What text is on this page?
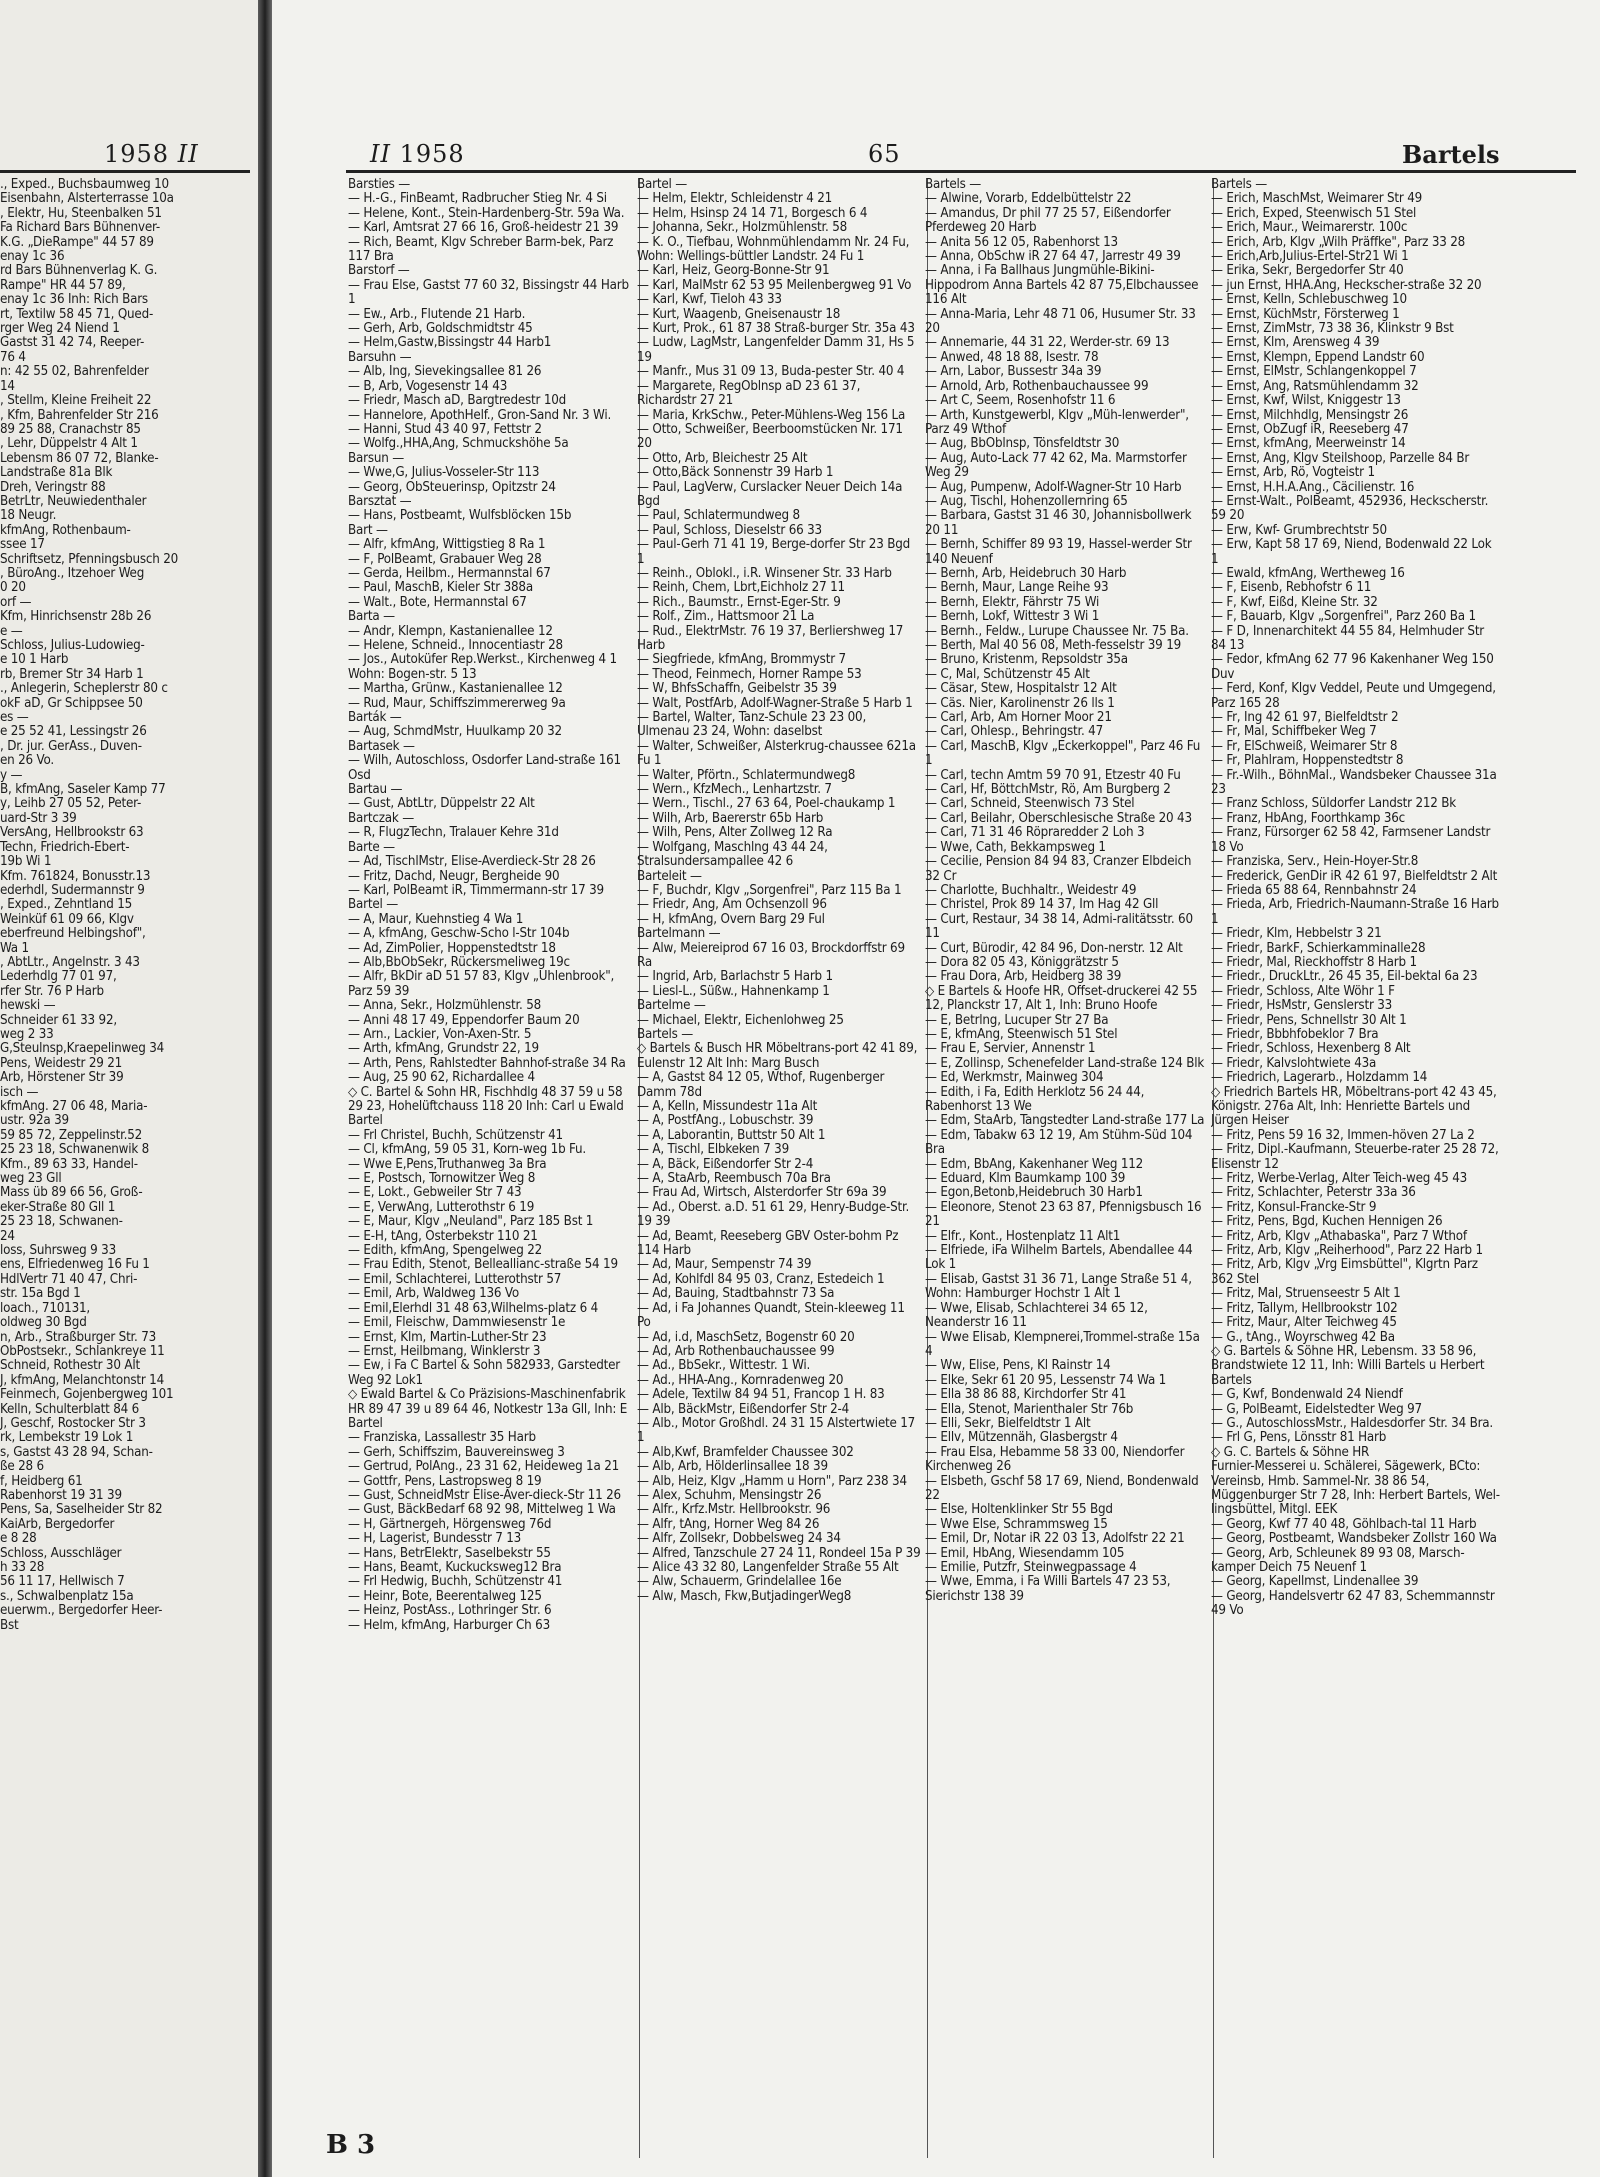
1958 II
., Exped., Buchsbaumweg 10
Eisenbahn, Alsterterrasse 10a
, Elektr, Hu, Steenbalken 51
Fa Richard Bars Bühnenver-
K.G. „DieRampe" 44 57 89
enay 1c 36
rd Bars Bühnenverlag K. G.
Rampe" HR 44 57 89,
enay 1c 36 Inh: Rich Bars
rt, Textilw 58 45 71, Qued-
rger Weg 24 Niend 1
Gastst 31 42 74, Reeper-
76 4
n: 42 55 02, Bahrenfelder
14
, Stellm, Kleine Freiheit 22
, Kfm, Bahrenfelder Str 216
89 25 88, Cranachstr 85
, Lehr, Düppelstr 4 Alt 1
Lebensm 86 07 72, Blanke-
Landstraße 81a Blk
Dreh, Veringstr 88
BetrLtr, Neuwiedenthaler
18 Neugr.
kfmAng, Rothenbaum-
ssee 17
Schriftsetz, Pfenningsbusch 20
, BüroAng., Itzehoer Weg
0 20
orf —
Kfm, Hinrichsenstr 28b 26
e —
Schloss, Julius-Ludowieg-
e 10 1 Harb
rb, Bremer Str 34 Harb 1
., Anlegerin, Scheplerstr 80 c
okF aD, Gr Schippsee 50
es —
e 25 52 41, Lessingstr 26
, Dr. jur. GerAss., Duven-
en 26 Vo.
y —
B, kfmAng, Saseler Kamp 77
y, Leihb 27 05 52, Peter-
uard-Str 3 39
VersAng, Hellbrookstr 63
Techn, Friedrich-Ebert-
19b Wi 1
Kfm. 761824, Bonusstr.13
ederhdl, Sudermannstr 9
, Exped., Zehntland 15
Weinküf 61 09 66, Klgv
eberfreund Helbingshof",
Wa 1
, AbtLtr., Angelnstr. 3 43
Lederhdlg 77 01 97,
rfer Str. 76 P Harb
hewski —
Schneider 61 33 92,
weg 2 33
G,Steulnsp,Kraepelinweg 34
Pens, Weidestr 29 21
Arb, Hörstener Str 39
isch —
kfmAng. 27 06 48, Maria-
ustr. 92a 39
59 85 72, Zeppelinstr.52
25 23 18, Schwanenwik 8
Kfm., 89 63 33, Handel-
weg 23 Gll
Mass üb 89 66 56, Groß-
eker-Straße 80 Gll 1
25 23 18, Schwanen-
24
loss, Suhrsweg 9 33
ens, Elfriedenweg 16 Fu 1
HdlVertr 71 40 47, Chri-
str. 15a Bgd 1
loach., 710131,
oldweg 30 Bgd
n, Arb., Straßburger Str. 73
ObPostsekr., Schlankreye 11
Schneid, Rothestr 30 Alt
J, kfmAng, Melanchtonstr 14
Feinmech, Gojenbergweg 101
Kelln, Schulterblatt 84 6
J, Geschf, Rostocker Str 3
rk, Lembekstr 19 Lok 1
s, Gastst 43 28 94, Schan-
ße 28 6
f, Heidberg 61
Rabenhorst 19 31 39
Pens, Sa, Saselheider Str 82
KaiArb, Bergedorfer
e 8 28
Schloss, Ausschläger
h 33 28
56 11 17, Hellwisch 7
s., Schwalbenplatz 15a
euerwm., Bergedorfer Heer-
Bst
II 1958	65	Bartels
Barsties —
— H.-G., FinBeamt, Radbrucher Stieg Nr. 4 Si
— Helene, Kont., Stein-Hardenberg-Str. 59a Wa.
— Karl, Amtsrat 27 66 16, Groß-heidestr 21 39
— Rich, Beamt, Klgv Schreber Barm-bek, Parz 117 Bra
Barstorf —
— Frau Else, Gastst 77 60 32, Bissingstr 44 Harb 1
— Ew., Arb., Flutende 21 Harb.
— Gerh, Arb, Goldschmidtstr 45
— Helm,Gastw,Bissingstr 44 Harb1
Barsuhn —
— Alb, Ing, Sievekingsallee 81 26
— B, Arb, Vogesenstr 14 43
— Friedr, Masch aD, Bargtredestr 10d
— Hannelore, ApothHelf., Gron-Sand Nr. 3 Wi.
— Hanni, Stud 43 40 97, Fettstr 2
— Wolfg.,HHA,Ang, Schmuckshöhe 5a
Barsun —
— Wwe,G, Julius-Vosseler-Str 113
— Georg, ObSteuerinsp, Opitzstr 24
Barsztat —
— Hans, Postbeamt, Wulfsblöcken 15b
Bart —
— Alfr, kfmAng, Wittigstieg 8 Ra 1
— F, PolBeamt, Grabauer Weg 28
— Gerda, Heilbm., Hermannstal 67
— Paul, MaschB, Kieler Str 388a
— Walt., Bote, Hermannstal 67
Barta —
— Andr, Klempn, Kastanienallee 12
— Helene, Schneid., Innocentiastr 28
— Jos., Autoküfer Rep.Werkst., Kirchenweg 4 1 Wohn: Bogen-str. 5 13
— Martha, Grünw., Kastanienallee 12
— Rud, Maur, Schiffszimmererweg 9a
Barták —
— Aug, SchmdMstr, Huulkamp 20 32
Bartasek —
— Wilh, Autoschloss, Osdorfer Land-straße 161 Osd
Bartau —
— Gust, AbtLtr, Düppelstr 22 Alt
Bartczak —
— R, FlugzTechn, Tralauer Kehre 31d
Barte —
— Ad, TischlMstr, Elise-Averdieck-Str 28 26
— Fritz, Dachd, Neugr, Bergheide 90
— Karl, PolBeamt iR, Timmermann-str 17 39
Bartel —
— A, Maur, Kuehnstieg 4 Wa 1
— A, kfmAng, Geschw-Scho l-Str 104b
— Ad, ZimPolier, Hoppenstedtstr 18
— Alb,BbObSekr, Rückersmeliweg 19c
— Alfr, BkDir aD 51 57 83, Klgv „Uhlenbrook", Parz 59 39
— Anna, Sekr., Holzmühlenstr. 58
— Anni 48 17 49, Eppendorfer Baum 20
— Arn., Lackier, Von-Axen-Str. 5
— Arth, kfmAng, Grundstr 22, 19
— Arth, Pens, Rahlstedter Bahnhof-straße 34 Ra
— Aug, 25 90 62, Richardallee 4
◇ C. Bartel & Sohn HR, Fischhdlg 48 37 59 u 58 29 23, Hohelüftchauss 118 20 Inh: Carl u Ewald Bartel
— Frl Christel, Buchh, Schützenstr 41
— Cl, kfmAng, 59 05 31, Korn-weg 1b Fu.
— Wwe E,Pens,Truthanweg 3a Bra
— E, Postsch, Tornowitzer Weg 8
— E, Lokt., Gebweiler Str 7 43
— E, VerwAng, Lutterothstr 6 19
— E, Maur, Klgv „Neuland", Parz 185 Bst 1
— E-H, tAng, Osterbekstr 110 21
— Edith, kfmAng, Spengelweg 22
— Frau Edith, Stenot, Belleallianc-straße 54 19
— Emil, Schlachterei, Lutterothstr 57
— Emil, Arb, Waldweg 136 Vo
— Emil,Elerhdl 31 48 63,Wilhelms-platz 6 4
— Emil, Fleischw, Dammwiesenstr 1e
— Ernst, Klm, Martin-Luther-Str 23
— Ernst, Heilbmang, Winklerstr 3
— Ew, i Fa C Bartel & Sohn 582933, Garstedter Weg 92 Lok1
◇ Ewald Bartel & Co Präzisions-Maschinenfabrik HR 89 47 39 u 89 64 46, Notkestr 13a Gll, Inh: E Bartel
— Franziska, Lassallestr 35 Harb
— Gerh, Schiffszim, Bauvereinsweg 3
— Gertrud, PolAng., 23 31 62, Heideweg 1a 21
— Gottfr, Pens, Lastropsweg 8 19
— Gust, SchneidMstr Elise-Aver-dieck-Str 11 26
— Gust, BäckBedarf 68 92 98, Mittelweg 1 Wa
— H, Gärtnergeh, Hörgensweg 76d
— H, Lagerist, Bundesstr 7 13
— Hans, BetrElektr, Saselbekstr 55
— Hans, Beamt, Kuckucksweg12 Bra
— Frl Hedwig, Buchh, Schützenstr 41
— Heinr, Bote, Beerentalweg 125
— Heinz, PostAss., Lothringer Str. 6
— Helm, kfmAng, Harburger Ch 63
Bartel —
— Helm, Elektr, Schleidenstr 4 21
— Helm, Hsinsp 24 14 71, Borgesch 6 4
— Johanna, Sekr., Holzmühlenstr. 58
— K. O., Tiefbau, Wohnmühlendamm Nr. 24 Fu, Wohn: Wellings-büttler Landstr. 24 Fu 1
— Karl, Heiz, Georg-Bonne-Str 91
— Karl, MalMstr 62 53 95 Meilenbergweg 91 Vo
— Karl, Kwf, Tieloh 43 33
— Kurt, Waagenb, Gneisenaustr 18
— Kurt, Prok., 61 87 38 Straß-burger Str. 35a 43
— Ludw, LagMstr, Langenfelder Damm 31, Hs 5 19
— Manfr., Mus 31 09 13, Buda-pester Str. 40 4
— Margarete, RegOblnsp aD 23 61 37, Richardstr 27 21
— Maria, KrkSchw., Peter-Mühlens-Weg 156 La
— Otto, Schweißer, Beerboomstücken Nr. 171 20
— Otto, Arb, Bleichestr 25 Alt
— Otto,Bäck Sonnenstr 39 Harb 1
— Paul, LagVerw, Curslacker Neuer Deich 14a Bgd
— Paul, Schlatermundweg 8
— Paul, Schloss, Dieselstr 66 33
— Paul-Gerh 71 41 19, Berge-dorfer Str 23 Bgd 1
— Reinh., Oblokl., i.R. Winsener Str. 33 Harb
— Reinh, Chem, Lbrt,Eichholz 27 11
— Rich., Baumstr., Ernst-Eger-Str. 9
— Rolf., Zim., Hattsmoor 21 La
— Rud., ElektrMstr. 76 19 37, Berliershweg 17 Harb
— Siegfriede, kfmAng, Brommystr 7
— Theod, Feinmech, Horner Rampe 53
— W, BhfsSchaffn, Geibelstr 35 39
— Walt, PostfArb, Adolf-Wagner-Straße 5 Harb 1
— Bartel, Walter, Tanz-Schule 23 23 00, Ulmenau 23 24, Wohn: daselbst
— Walter, Schweißer, Alsterkrug-chaussee 621a Fu 1
— Walter, Pförtn., Schlatermundweg8
— Wern., KfzMech., Lenhartzstr. 7
— Wern., Tischl., 27 63 64, Poel-chaukamp 1
— Wilh, Arb, Baererstr 65b Harb
— Wilh, Pens, Alter Zollweg 12 Ra
— Wolfgang, Maschlng 43 44 24, Stralsundersampallee 42 6
Barteleit —
— F, Buchdr, Klgv „Sorgenfrei", Parz 115 Ba 1
— Friedr, Ang, Am Ochsenzoll 96
— H, kfmAng, Overn Barg 29 Ful
Bartelmann —
— Alw, Meiereiprod 67 16 03, Brockdorffstr 69 Ra
— Ingrid, Arb, Barlachstr 5 Harb 1
— Liesl-L., Süßw., Hahnenkamp 1
Bartelme —
— Michael, Elektr, Eichenlohweg 25
Bartels —
◇ Bartels & Busch HR Möbeltrans-port 42 41 89, Eulenstr 12 Alt Inh: Marg Busch
— A, Gastst 84 12 05, Wthof, Rugenberger Damm 78d
— A, Kelln, Missundestr 11a Alt
— A, PostfAng., Lobuschstr. 39
— A, Laborantin, Buttstr 50 Alt 1
— A, Tischl, Elbkeken 7 39
— A, Bäck, Eißendorfer Str 2-4
— A, StaArb, Reembusch 70a Bra
— Frau Ad, Wirtsch, Alsterdorfer Str 69a 39
— Ad., Oberst. a.D. 51 61 29, Henry-Budge-Str. 19 39
— Ad, Beamt, Reeseberg GBV Oster-bohm Pz 114 Harb
— Ad, Maur, Sempenstr 74 39
— Ad, Kohlfdl 84 95 03, Cranz, Estedeich 1
— Ad, Bauing, Stadtbahnstr 73 Sa
— Ad, i Fa Johannes Quandt, Stein-kleeweg 11 Po
— Ad, i.d, MaschSetz, Bogenstr 60 20
— Ad, Arb Rothenbauchaussee 99
— Ad., BbSekr., Wittestr. 1 Wi.
— Ad., HHA-Ang., Kornradenweg 20
— Adele, Textilw 84 94 51, Francop 1 H. 83
— Alb, BäckMstr, Eißendorfer Str 2-4
— Alb., Motor Großhdl. 24 31 15 Alstertwiete 17 1
— Alb,Kwf, Bramfelder Chaussee 302
— Alb, Arb, Hölderlinsallee 18 39
— Alb, Heiz, Klgv „Hamm u Horn", Parz 238 34
— Alex, Schuhm, Mensingstr 26
— Alfr., Krfz.Mstr. Hellbrookstr. 96
— Alfr, tAng, Horner Weg 84 26
— Alfr, Zollsekr, Dobbelsweg 24 34
— Alfred, Tanzschule 27 24 11, Rondeel 15a P 39
— Alice 43 32 80, Langenfelder Straße 55 Alt
— Alw, Schauerm, Grindelallee 16e
— Alw, Masch, Fkw,ButjadingerWeg8
Bartels —
— Alwine, Vorarb, Eddelbüttelstr 22
— Amandus, Dr phil 77 25 57, Eißendorfer Pferdeweg 20 Harb
— Anita 56 12 05, Rabenhorst 13
— Anna, ObSchw iR 27 64 47, Jarrestr 49 39
— Anna, i Fa Ballhaus Jungmühle-Bikini-Hippodrom Anna Bartels 42 87 75,Elbchaussee 116 Alt
— Anna-Maria, Lehr 48 71 06, Husumer Str. 33 20
— Annemarie, 44 31 22, Werder-str. 69 13
— Anwed, 48 18 88, Isestr. 78
— Arn, Labor, Bussestr 34a 39
— Arnold, Arb, Rothenbauchaussee 99
— Art C, Seem, Rosenhofstr 11 6
— Arth, Kunstgewerbl, Klgv „Müh-lenwerder", Parz 49 Wthof
— Aug, BbOblnsp, Tönsfeldtstr 30
— Aug, Auto-Lack 77 42 62, Ma. Marmstorfer Weg 29
— Aug, Pumpenw, Adolf-Wagner-Str 10 Harb
— Aug, Tischl, Hohenzollernring 65
— Barbara, Gastst 31 46 30, Johannisbollwerk 20 11
— Bernh, Schiffer 89 93 19, Hassel-werder Str 140 Neuenf
— Bernh, Arb, Heidebruch 30 Harb
— Bernh, Maur, Lange Reihe 93
— Bernh, Elektr, Fährstr 75 Wi
— Bernh, Lokf, Wittestr 3 Wi 1
— Bernh., Feldw., Lurupe Chaussee Nr. 75 Ba.
— Berth, Mal 40 56 08, Meth-fesselstr 39 19
— Bruno, Kristenm, Repsoldstr 35a
— C, Mal, Schützenstr 45 Alt
— Cäsar, Stew, Hospitalstr 12 Alt
— Cäs. Nier, Karolinenstr 26 lls 1
— Carl, Arb, Am Horner Moor 21
— Carl, Ohlesp., Behringstr. 47
— Carl, MaschB, Klgv „Eckerkoppel", Parz 46 Fu 1
— Carl, techn Amtm 59 70 91, Etzestr 40 Fu
— Carl, Hf, BöttchMstr, Rö, Am Burgberg 2
— Carl, Schneid, Steenwisch 73 Stel
— Carl, Beilahr, Oberschlesische Straße 20 43
— Carl, 71 31 46 Röpraredder 2 Loh 3
— Wwe, Cath, Bekkampsweg 1
— Cecilie, Pension 84 94 83, Cranzer Elbdeich 32 Cr
— Charlotte, Buchhaltr., Weidestr 49
— Christel, Prok 89 14 37, Im Hag 42 Gll
— Curt, Restaur, 34 38 14, Admi-ralitätsstr. 60 11
— Curt, Bürodir, 42 84 96, Don-nerstr. 12 Alt
— Dora 82 05 43, Königgrätzstr 5
— Frau Dora, Arb, Heidberg 38 39
◇ E Bartels & Hoofe HR, Offset-druckerei 42 55 12, Planckstr 17, Alt 1, Inh: Bruno Hoofe
— E, Betrlng, Lucuper Str 27 Ba
— E, kfmAng, Steenwisch 51 Stel
— Frau E, Servier, Annenstr 1
— E, Zollinsp, Schenefelder Land-straße 124 Blk
— Ed, Werkmstr, Mainweg 304
— Edith, i Fa, Edith Herklotz 56 24 44, Rabenhorst 13 We
— Edm, StaArb, Tangstedter Land-straße 177 La
— Edm, Tabakw 63 12 19, Am Stühm-Süd 104 Bra
— Edm, BbAng, Kakenhaner Weg 112
— Eduard, Klm Baumkamp 100 39
— Egon,Betonb,Heidebruch 30 Harb1
— Eleonore, Stenot 23 63 87, Pfennigsbusch 16 21
— Elfr., Kont., Hostenplatz 11 Alt1
— Elfriede, iFa Wilhelm Bartels, Abendallee 44 Lok 1
— Elisab, Gastst 31 36 71, Lange Straße 51 4, Wohn: Hamburger Hochstr 1 Alt 1
— Wwe, Elisab, Schlachterei 34 65 12, Neanderstr 16 11
— Wwe Elisab, Klempnerei,Trommel-straße 15a 4
— Ww, Elise, Pens, Kl Rainstr 14
— Elke, Sekr 61 20 95, Lessenstr 74 Wa 1
— Ella 38 86 88, Kirchdorfer Str 41
— Ella, Stenot, Marienthaler Str 76b
— Elli, Sekr, Bielfeldtstr 1 Alt
— Ellv, Mützennäh, Glasbergstr 4
— Frau Elsa, Hebamme 58 33 00, Niendorfer Kirchenweg 26
— Elsbeth, Gschf 58 17 69, Niend, Bondenwald 22
— Else, Holtenklinker Str 55 Bgd
— Wwe Else, Schrammsweg 15
— Emil, Dr, Notar iR 22 03 13, Adolfstr 22 21
— Emil, HbAng, Wiesendamm 105
— Emilie, Putzfr, Steinwegpassage 4
— Wwe, Emma, i Fa Willi Bartels 47 23 53, Sierichstr 138 39
Bartels —
— Erich, MaschMst, Weimarer Str 49
— Erich, Exped, Steenwisch 51 Stel
— Erich, Maur., Weimarerstr. 100c
— Erich, Arb, Klgv „Wilh Präffke", Parz 33 28
— Erich,Arb,Julius-Ertel-Str21 Wi 1
— Erika, Sekr, Bergedorfer Str 40
— jun Ernst, HHA.Ang, Heckscher-straße 32 20
— Ernst, Kelln, Schlebuschweg 10
— Ernst, KüchMstr, Försterweg 1
— Ernst, ZimMstr, 73 38 36, Klinkstr 9 Bst
— Ernst, Klm, Arensweg 4 39
— Ernst, Klempn, Eppend Landstr 60
— Ernst, ElMstr, Schlangenkoppel 7
— Ernst, Ang, Ratsmühlendamm 32
— Ernst, Kwf, Wilst, Kniggestr 13
— Ernst, Milchhdlg, Mensingstr 26
— Ernst, ObZugf iR, Reeseberg 47
— Ernst, kfmAng, Meerweinstr 14
— Ernst, Ang, Klgv Steilshoop, Parzelle 84 Br
— Ernst, Arb, Rö, Vogteistr 1
— Ernst, H.H.A.Ang., Cäcilienstr. 16
— Ernst-Walt., PolBeamt, 452936, Heckscherstr. 59 20
— Erw, Kwf- Grumbrechtstr 50
— Erw, Kapt 58 17 69, Niend, Bodenwald 22 Lok 1
— Ewald, kfmAng, Wertheweg 16
— F, Eisenb, Rebhofstr 6 11
— F, Kwf, Eißd, Kleine Str. 32
— F, Bauarb, Klgv „Sorgenfrei", Parz 260 Ba 1
— F D, Innenarchitekt 44 55 84, Helmhuder Str 84 13
— Fedor, kfmAng 62 77 96 Kakenhaner Weg 150 Duv
— Ferd, Konf, Klgv Veddel, Peute und Umgegend, Parz 165 28
— Fr, Ing 42 61 97, Bielfeldtstr 2
— Fr, Mal, Schiffbeker Weg 7
— Fr, ElSchweiß, Weimarer Str 8
— Fr, Plahlram, Hoppenstedtstr 8
— Fr.-Wilh., BöhnMal., Wandsbeker Chaussee 31a 23
— Franz Schloss, Süldorfer Landstr 212 Bk
— Franz, HbAng, Foorthkamp 36c
— Franz, Fürsorger 62 58 42, Farmsener Landstr 18 Vo
— Franziska, Serv., Hein-Hoyer-Str.8
— Frederick, GenDir iR 42 61 97, Bielfeldtstr 2 Alt
— Frieda 65 88 64, Rennbahnstr 24
— Frieda, Arb, Friedrich-Naumann-Straße 16 Harb 1
— Friedr, Klm, Hebbelstr 3 21
— Friedr, BarkF, Schierkamminalle28
— Friedr, Mal, Rieckhoffstr 8 Harb 1
— Friedr., DruckLtr., 26 45 35, Eil-bektal 6a 23
— Friedr, Schloss, Alte Wöhr 1 F
— Friedr, HsMstr, Genslerstr 33
— Friedr, Pens, Schnellstr 30 Alt 1
— Friedr, Bbbhfobeklor 7 Bra
— Friedr, Schloss, Hexenberg 8 Alt
— Friedr, Kalvslohtwiete 43a
— Friedrich, Lagerarb., Holzdamm 14
◇ Friedrich Bartels HR, Möbeltrans-port 42 43 45, Königstr. 276a Alt, Inh: Henriette Bartels und Jürgen Heiser
— Fritz, Pens 59 16 32, Immen-höven 27 La 2
— Fritz, Dipl.-Kaufmann, Steuerbe-rater 25 28 72, Elisenstr 12
— Fritz, Werbe-Verlag, Alter Teich-weg 45 43
— Fritz, Schlachter, Peterstr 33a 36
— Fritz, Konsul-Francke-Str 9
— Fritz, Pens, Bgd, Kuchen Hennigen 26
— Fritz, Arb, Klgv „Athabaska", Parz 7 Wthof
— Fritz, Arb, Klgv „Reiherhood", Parz 22 Harb 1
— Fritz, Arb, Klgv „Vrg Eimsbüttel", Klgrtn Parz 362 Stel
— Fritz, Mal, Struenseestr 5 Alt 1
— Fritz, Tallym, Hellbrookstr 102
— Fritz, Maur, Alter Teichweg 45
— G., tAng., Woyrschweg 42 Ba
◇ G. Bartels & Söhne HR, Lebensm. 33 58 96, Brandstwiete 12 11, Inh: Willi Bartels u Herbert Bartels
— G, Kwf, Bondenwald 24 Niendf
— G, PolBeamt, Eidelstedter Weg 97
— G., AutoschlossMstr., Haldesdorfer Str. 34 Bra.
— Frl G, Pens, Lönsstr 81 Harb
◇ G. C. Bartels & Söhne HR
Furnier-Messerei u. Schälerei, Sägewerk, BCto: Vereinsb, Hmb. Sammel-Nr. 38 86 54, Müggenburger Str 7 28, Inh: Herbert Bartels, Wel-lingsbüttel, Mitgl. EEK
— Georg, Kwf 77 40 48, Göhlbach-tal 11 Harb
— Georg, Postbeamt, Wandsbeker Zollstr 160 Wa
— Georg, Arb, Schleunek 89 93 08, Marsch-kamper Deich 75 Neuenf 1
— Georg, Kapellmst, Lindenallee 39
— Georg, Handelsvertr 62 47 83, Schemmannstr 49 Vo
B 3
